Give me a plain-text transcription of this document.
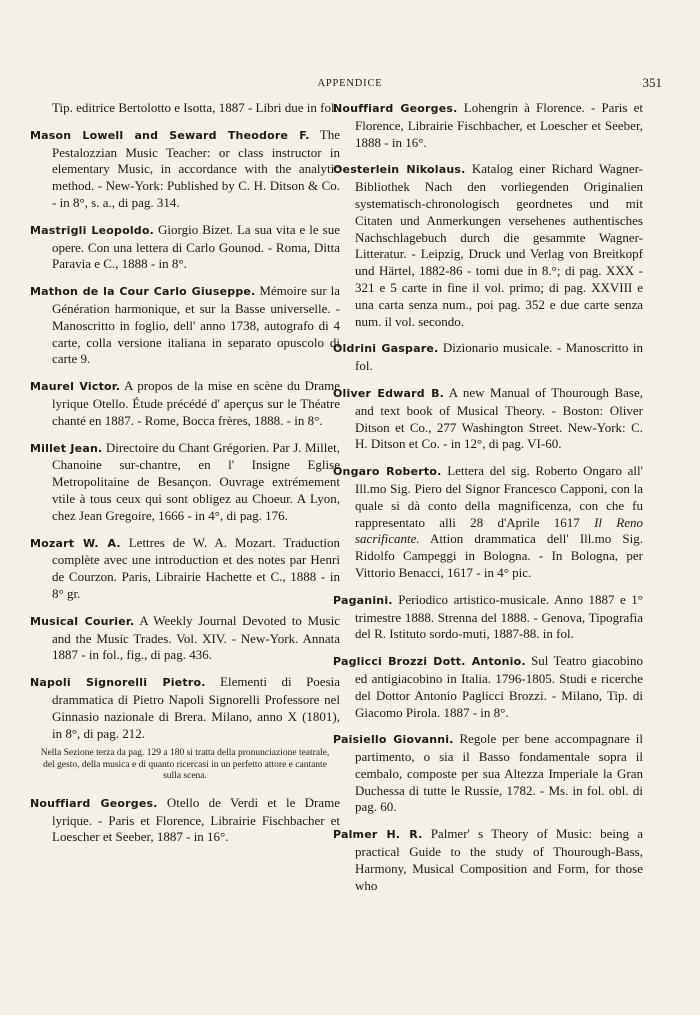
APPENDICE	351

Tip. editrice Bertolotto e Isotta, 1887 - Libri due in fol.

Mason Lowell and Seward Theodore F. The Pestalozzian Music Teacher: or class instructor in elementary Music, in accordance with the analytic method. - New-York: Published by C. H. Ditson & Co. - in 8°, s. a., di pag. 314.

Mastrigli Leopoldo. Giorgio Bizet. La sua vita e le sue opere. Con una lettera di Carlo Gounod. - Roma, Ditta Paravia e C., 1888 - in 8°.

Mathon de la Cour Carlo Giuseppe. Mémoire sur la Génération harmonique, et sur la Basse universelle. - Manoscritto in foglio, dell' anno 1738, autografo di 4 carte, colla versione italiana in separato opuscolo di carte 9.

Maurel Victor. A propos de la mise en scène du Drame lyrique Otello. Étude précédé d' aperçus sur le Théatre chanté en 1887. - Rome, Bocca frères, 1888. - in 8°.

Millet Jean. Directoire du Chant Grégorien. Par J. Millet, Chanoine sur-chantre, en l' Insigne Eglise Metropolitaine de Besançon. Ouvrage extrémement vtile à tous ceux qui sont obligez au Choeur. A Lyon, chez Jean Gregoire, 1666 - in 4°, di pag. 176.

Mozart W. A. Lettres de W. A. Mozart. Traduction complète avec une introduction et des notes par Henri de Courzon. Paris, Librairie Hachette et C., 1888 - in 8° gr.

Musical Courier. A Weekly Journal Devoted to Music and the Music Trades. Vol. XIV. - New-York. Annata 1887 - in fol., fig., di pag. 436.

Napoli Signorelli Pietro. Elementi di Poesia drammatica di Pietro Napoli Signorelli Professore nel Ginnasio nazionale di Brera. Milano, anno X (1801), in 8°, di pag. 212.

Nella Sezione terza da pag. 129 a 180 si tratta della pronunciazione teatrale, del gesto, della musica e di quanto ricercasi in un perfetto attore e cantante sulla scena.

Nouffiard Georges. Otello de Verdi et le Drame lyrique. - Paris et Florence, Librairie Fischbacher et Loescher et Seeber, 1887 - in 16°.

Nouffiard Georges. Lohengrin à Florence. - Paris et Florence, Librairie Fischbacher, et Loescher et Seeber, 1888 - in 16°.

Oesterlein Nikolaus. Katalog einer Richard Wagner-Bibliothek Nach den vorliegenden Originalien systematisch-chronologisch geordnetes und mit Citaten und Anmerkungen versehenes authentisches Nachschlagebuch durch die gesammte Wagner-Litteratur. - Leipzig, Druck und Verlag von Breitkopf und Härtel, 1882-86 - tomi due in 8.°; di pag. XXX - 321 e 5 carte in fine il vol. primo; di pag. XXVIII e una carta senza num., poi pag. 352 e due carte senza num. il vol. secondo.

Oldrini Gaspare. Dizionario musicale. - Manoscritto in fol.

Oliver Edward B. A new Manual of Thourough Base, and text book of Musical Theory. - Boston: Oliver Ditson et Co., 277 Washington Street. New-York: C. H. Ditson et Co. - in 12°, di pag. VI-60.

Ongaro Roberto. Lettera del sig. Roberto Ongaro all' Ill.mo Sig. Piero del Signor Francesco Capponi, con la quale si dà conto della magnificenza, con che fu rappresentato alli 28 d'Aprile 1617 Il Reno sacrificante. Attion drammatica dell' Ill.mo Sig. Ridolfo Campeggi in Bologna. - In Bologna, per Vittorio Benacci, 1617 - in 4° pic.

Paganini. Periodico artistico-musicale. Anno 1887 e 1° trimestre 1888. Strenna del 1888. - Genova, Tipografia del R. Istituto sordo-muti, 1887-88. in fol.

Paglicci Brozzi Dott. Antonio. Sul Teatro giacobino ed antigiacobino in Italia. 1796-1805. Studi e ricerche del Dottor Antonio Paglicci Brozzi. - Milano, Tip. di Giacomo Pirola. 1887 - in 8°.

Paisiello Giovanni. Regole per bene accompagnare il partimento, o sia il Basso fondamentale sopra il cembalo, composte per sua Altezza Imperiale la Gran Duchessa di tutte le Russie, 1782. - Ms. in fol. obl. di pag. 60.

Palmer H. R. Palmer' s Theory of Music: being a practical Guide to the study of Thourough-Bass, Harmony, Musical Composition and Form, for those who
